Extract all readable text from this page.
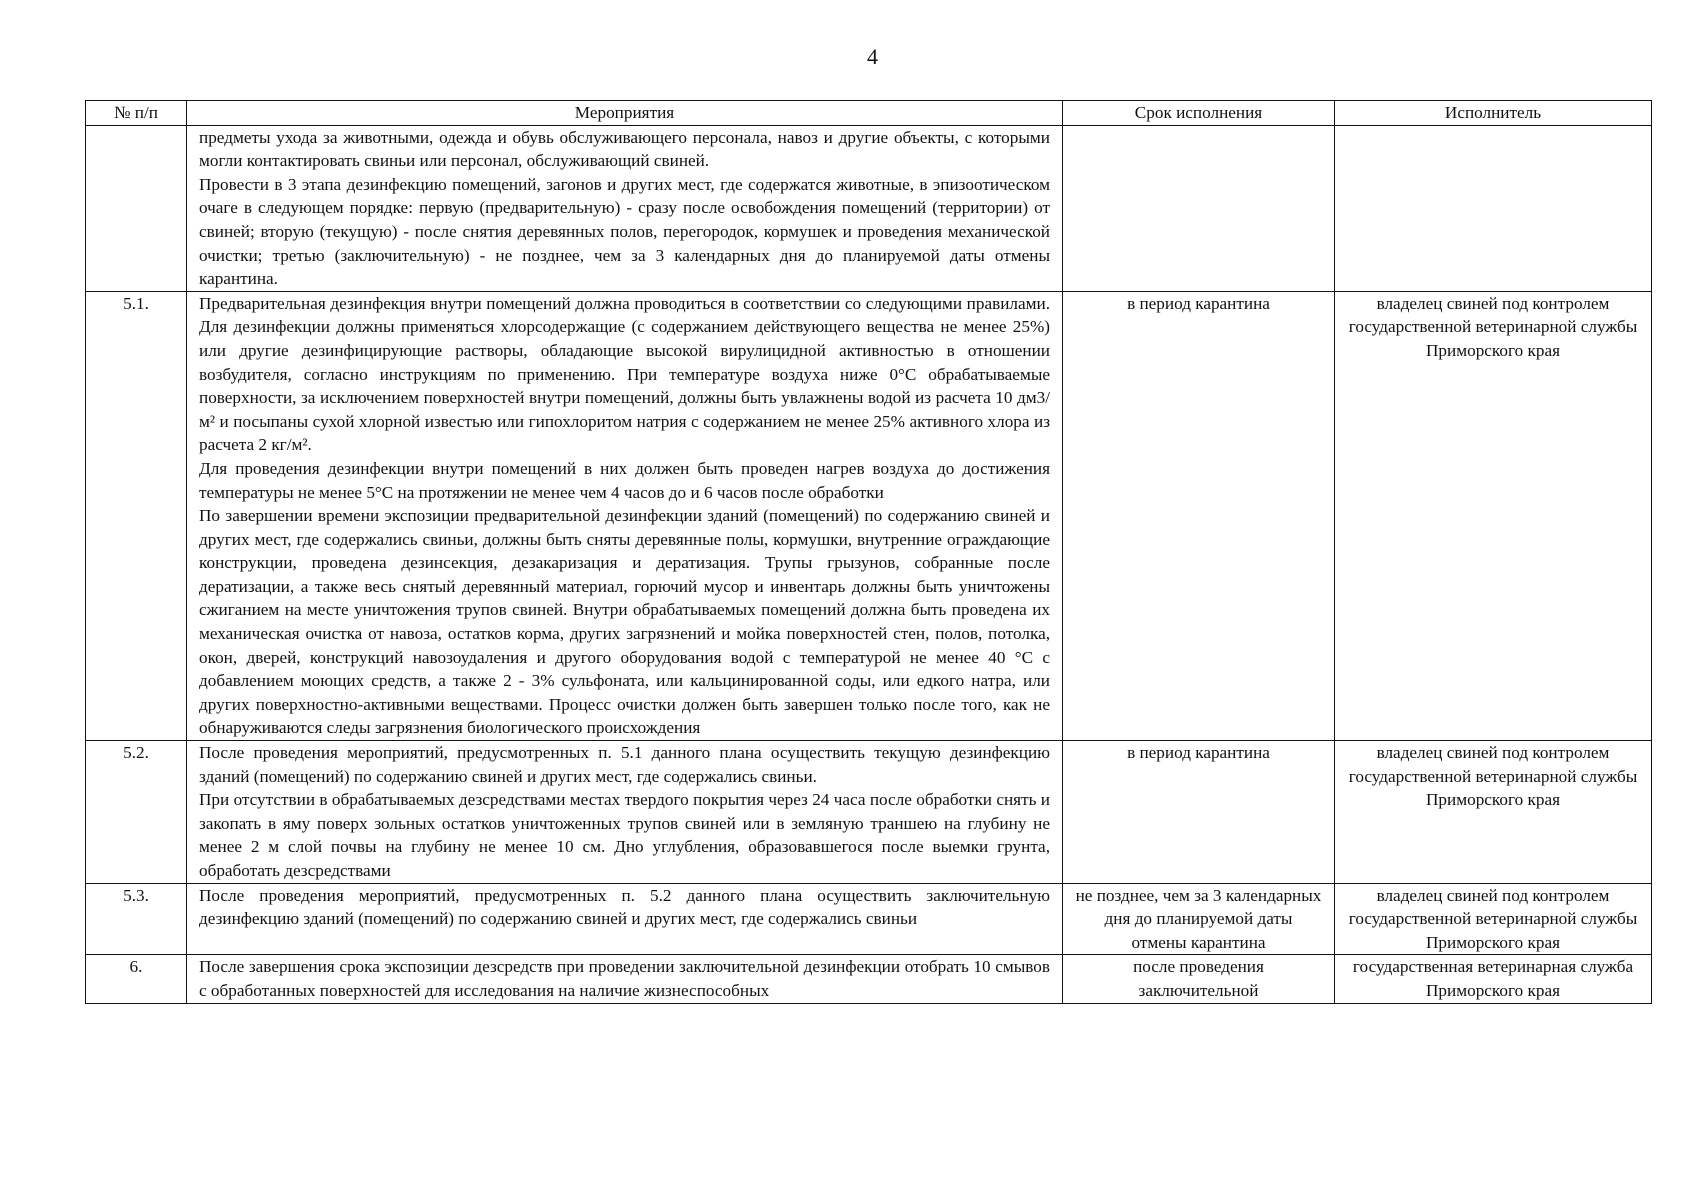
4
№ п/п	Мероприятия	Срок исполнения	Исполнитель

	предметы ухода за животными, одежда и обувь обслуживающего персонала, навоз и другие объекты, с которыми могли контактировать свиньи или персонал, обслуживающий свиней.
Провести в 3 этапа дезинфекцию помещений, загонов и других мест, где содержатся животные, в эпизоотическом очаге в следующем порядке: первую (предварительную) - сразу после освобождения помещений (территории) от свиней; вторую (текущую) - после снятия деревянных полов, перегородок, кормушек и проведения механической очистки; третью (заключительную) - не позднее, чем за 3 календарных дня до планируемой даты отмены карантина.		

5.1.	Предварительная дезинфекция внутри помещений должна проводиться в соответствии со следующими правилами. Для дезинфекции должны применяться хлорсодержащие (с содержанием действующего вещества не менее 25%) или другие дезинфицирующие растворы, обладающие высокой вирулицидной активностью в отношении возбудителя, согласно инструкциям по применению. При температуре воздуха ниже 0°С обрабатываемые поверхности, за исключением поверхностей внутри помещений, должны быть увлажнены водой из расчета 10 дм3/м² и посыпаны сухой хлорной известью или гипохлоритом натрия с содержанием не менее 25% активного хлора из расчета 2 кг/м².
Для проведения дезинфекции внутри помещений в них должен быть проведен нагрев воздуха до достижения температуры не менее 5°С на протяжении не менее чем 4 часов до и 6 часов после обработки
По завершении времени экспозиции предварительной дезинфекции зданий (помещений) по содержанию свиней и других мест, где содержались свиньи, должны быть сняты деревянные полы, кормушки, внутренние ограждающие конструкции, проведена дезинсекция, дезакаризация и дератизация. Трупы грызунов, собранные после дератизации, а также весь снятый деревянный материал, горючий мусор и инвентарь должны быть уничтожены сжиганием на месте уничтожения трупов свиней. Внутри обрабатываемых помещений должна быть проведена их механическая очистка от навоза, остатков корма, других загрязнений и мойка поверхностей стен, полов, потолка, окон, дверей, конструкций навозоудаления и другого оборудования водой с температурой не менее 40 °С с добавлением моющих средств, а также 2 - 3% сульфоната, или кальцинированной соды, или едкого натра, или других поверхностно-активными веществами. Процесс очистки должен быть завершен только после того, как не обнаруживаются следы загрязнения биологического происхождения	в период карантина	владелец свиней под контролем государственной ветеринарной службы Приморского края
5.2.	После проведения мероприятий, предусмотренных п. 5.1 данного плана осуществить текущую дезинфекцию зданий (помещений) по содержанию свиней и других мест, где содержались свиньи.
При отсутствии в обрабатываемых дезсредствами местах твердого покрытия через 24 часа после обработки снять и закопать в яму поверх зольных остатков уничтоженных трупов свиней или в земляную траншею на глубину не менее 2 м слой почвы на глубину не менее 10 см. Дно углубления, образовавшегося после выемки грунта, обработать дезсредствами	в период карантина	владелец свиней под контролем государственной ветеринарной службы Приморского края
5.3.	После проведения мероприятий, предусмотренных п. 5.2 данного плана осуществить заключительную дезинфекцию зданий (помещений) по содержанию свиней и других мест, где содержались свиньи	не позднее, чем за 3 календарных дня до планируемой даты отмены карантина	владелец свиней под контролем государственной ветеринарной службы Приморского края
6.	После завершения срока экспозиции дезсредств при проведении заключительной дезинфекции отобрать 10 смывов с обработанных поверхностей для исследования на наличие жизнеспособных	после проведения заключительной	государственная ветеринарная служба Приморского края
